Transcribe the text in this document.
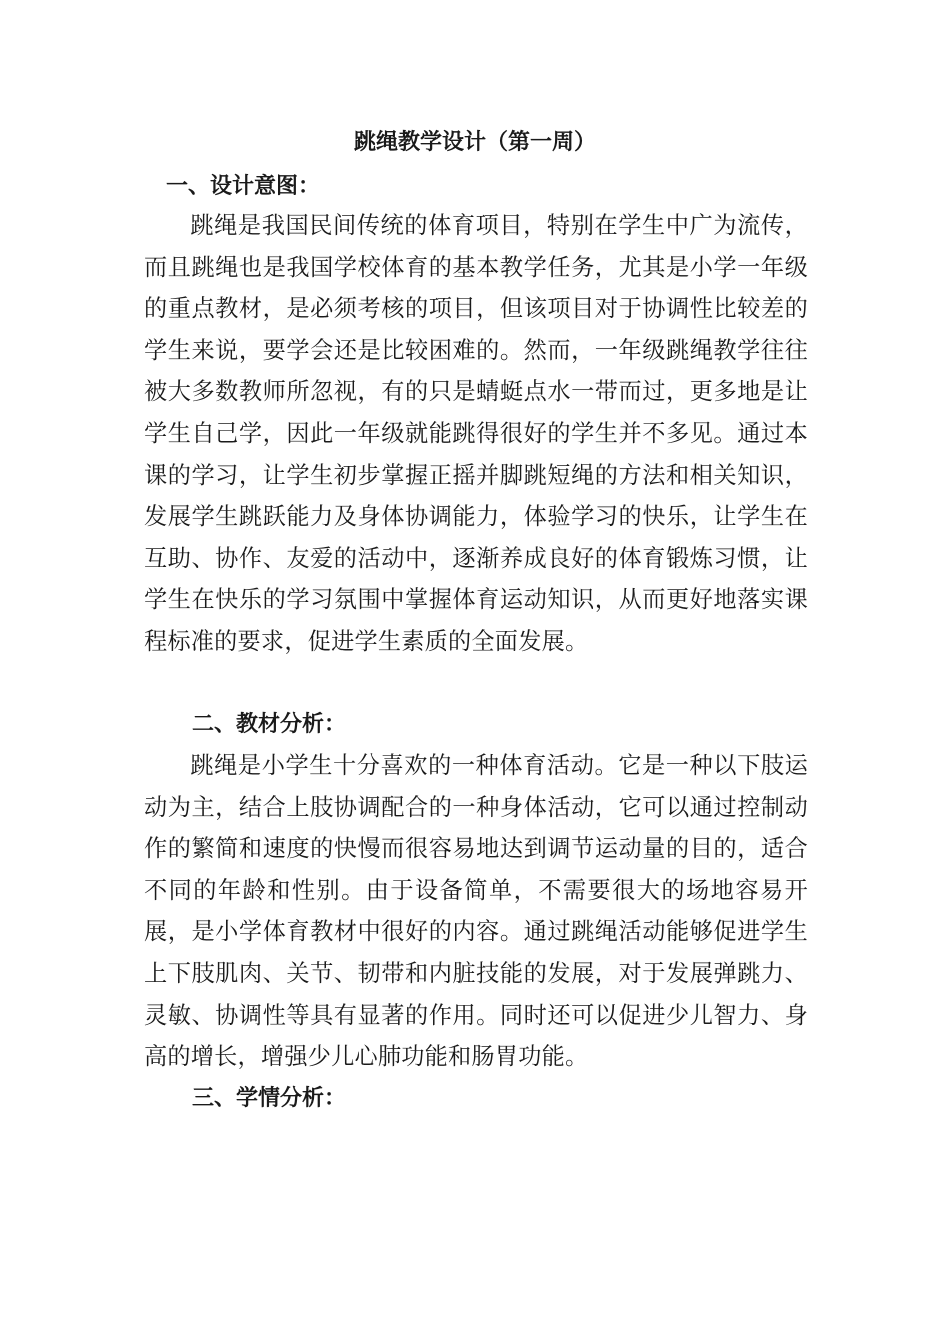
跳绳教学设计（第一周）
一、设计意图：

跳绳是我国民间传统的体育项目，特别在学生中广为流传，而且跳绳也是我国学校体育的基本教学任务，尤其是小学一年级的重点教材，是必须考核的项目，但该项目对于协调性比较差的学生来说，要学会还是比较困难的。然而，一年级跳绳教学往往被大多数教师所忽视，有的只是蜻蜓点水一带而过，更多地是让学生自己学，因此一年级就能跳得很好的学生并不多见。通过本课的学习，让学生初步掌握正摇并脚跳短绳的方法和相关知识，发展学生跳跃能力及身体协调能力，体验学习的快乐，让学生在互助、协作、友爱的活动中，逐渐养成良好的体育锻炼习惯，让学生在快乐的学习氛围中掌握体育运动知识，从而更好地落实课程标准的要求，促进学生素质的全面发展。

二、教材分析：

跳绳是小学生十分喜欢的一种体育活动。它是一种以下肢运动为主，结合上肢协调配合的一种身体活动，它可以通过控制动作的繁简和速度的快慢而很容易地达到调节运动量的目的，适合不同的年龄和性别。由于设备简单，不需要很大的场地容易开展，是小学体育教材中很好的内容。通过跳绳活动能够促进学生上下肢肌肉、关节、韧带和内脏技能的发展，对于发展弹跳力、灵敏、协调性等具有显著的作用。同时还可以促进少儿智力、身高的增长，增强少儿心肺功能和肠胃功能。

三、学情分析：
